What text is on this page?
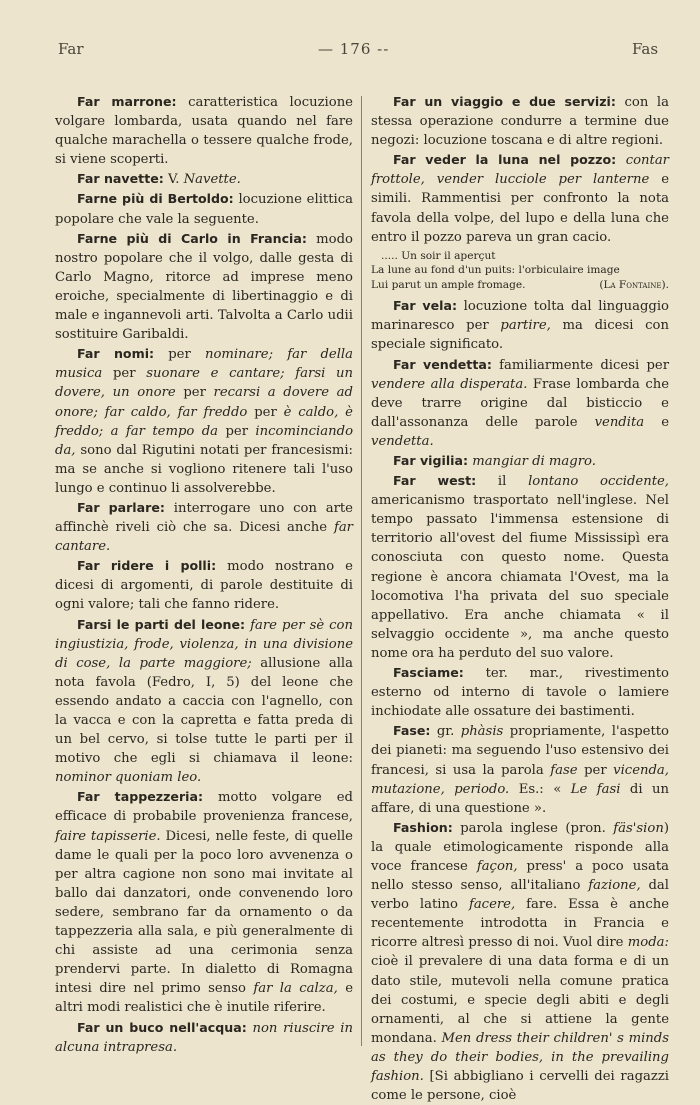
Far	— 176 --	Fas

Far marrone: caratteristica locuzione volgare lombarda, usata quando nel fare qualche marachella o tessere qualche frode, si viene scoperti.

Far navette: V. Navette.

Farne più di Bertoldo: locuzione elittica popolare che vale la seguente.

Farne più di Carlo in Francia: modo nostro popolare che il volgo, dalle gesta di Carlo Magno, ritorce ad imprese meno eroiche, specialmente di libertinaggio e di male e ingannevoli arti. Talvolta a Carlo udii sostituire Garibaldi.

Far nomi: per nominare; far della musica per suonare e cantare; farsi un dovere, un onore per recarsi a dovere ad onore; far caldo, far freddo per è caldo, è freddo; a far tempo da per incominciando da, sono dal Rigutini notati per francesismi: ma se anche si vogliono ritenere tali l'uso lungo e continuo li assolverebbe.

Far parlare: interrogare uno con arte affinchè riveli ciò che sa. Dicesi anche far cantare.

Far ridere i polli: modo nostrano e dicesi di argomenti, di parole destituite di ogni valore; tali che fanno ridere.

Farsi le parti del leone: fare per sè con ingiustizia, frode, violenza, in una divisione di cose, la parte maggiore; allusione alla nota favola (Fedro, I, 5) del leone che essendo andato a caccia con l'agnello, con la vacca e con la capretta e fatta preda di un bel cervo, si tolse tutte le parti per il motivo che egli si chiamava il leone: nominor quoniam leo.

Far tappezzeria: motto volgare ed efficace di probabile provenienza francese, faire tapisserie. Dicesi, nelle feste, di quelle dame le quali per la poco loro avvenenza o per altra cagione non sono mai invitate al ballo dai danzatori, onde convenendo loro sedere, sembrano far da ornamento o da tappezzeria alla sala, e più generalmente di chi assiste ad una cerimonia senza prendervi parte. In dialetto di Romagna intesi dire nel primo senso far la calza, e altri modi realistici che è inutile riferire.

Far un buco nell'acqua: non riuscire in alcuna intrapresa.

Far un viaggio e due servizi: con la stessa operazione condurre a termine due negozi: locuzione toscana e di altre regioni.

Far veder la luna nel pozzo: contar frottole, vender lucciole per lanterne e simili. Rammentisi per confronto la nota favola della volpe, del lupo e della luna che entro il pozzo pareva un gran cacio.

..... Un soir il aperçut
La lune au fond d'un puits: l'orbiculaire image
Lui parut un ample fromage.	(La Fontaine).

Far vela: locuzione tolta dal linguaggio marinaresco per partire, ma dicesi con speciale significato.

Far vendetta: familiarmente dicesi per vendere alla disperata. Frase lombarda che deve trarre origine dal bisticcio e dall'assonanza delle parole vendita e vendetta.

Far vigilia: mangiar di magro.

Far west: il lontano occidente, americanismo trasportato nell'inglese. Nel tempo passato l'immensa estensione di territorio all'ovest del fiume Mississipì era conosciuta con questo nome. Questa regione è ancora chiamata l'Ovest, ma la locomotiva l'ha privata del suo speciale appellativo. Era anche chiamata « il selvaggio occidente », ma anche questo nome ora ha perduto del suo valore.

Fasciame: ter. mar., rivestimento esterno od interno di tavole o lamiere inchiodate alle ossature dei bastimenti.

Fase: gr. phàsis propriamente, l'aspetto dei pianeti: ma seguendo l'uso estensivo dei francesi, si usa la parola fase per vicenda, mutazione, periodo. Es.: « Le fasi di un affare, di una questione ».

Fashion: parola inglese (pron. fäs'sion) la quale etimologicamente risponde alla voce francese façon, press' a poco usata nello stesso senso, all'italiano fazione, dal verbo latino facere, fare. Essa è anche recentemente introdotta in Francia e ricorre altresì presso di noi. Vuol dire moda: cioè il prevalere di una data forma e di un dato stile, mutevoli nella comune pratica dei costumi, e specie degli abiti e degli ornamenti, al che si attiene la gente mondana. Men dress their children' s minds as they do their bodies, in the prevailing fashion. [Si abbigliano i cervelli dei ragazzi come le persone, cioè
